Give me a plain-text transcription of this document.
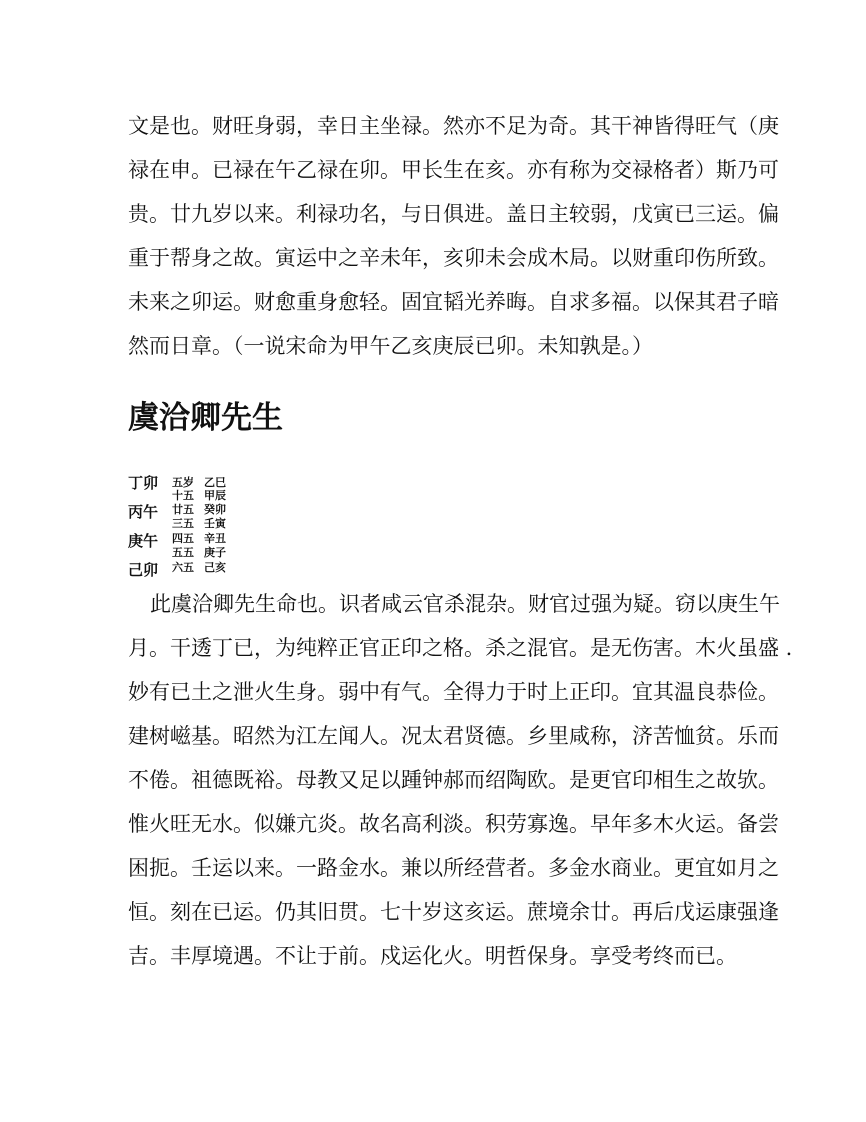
文是也。财旺身弱，幸日主坐禄。然亦不足为奇。其干神皆得旺气（庚
禄在申。已禄在午乙禄在卯。甲长生在亥。亦有称为交禄格者）斯乃可
贵。廿九岁以来。利禄功名，与日俱进。盖日主较弱，戊寅已三运。偏
重于帮身之故。寅运中之辛未年，亥卯未会成木局。以财重印伤所致。
未来之卯运。财愈重身愈轻。固宜韬光养晦。自求多福。以保其君子暗
然而日章。（一说宋命为甲午乙亥庚辰已卯。未知孰是。）
虞洽卿先生
丁卯
丙午
庚午
己卯
五岁 乙巳
十五 甲辰
廿五 癸卯
三五 壬寅
四五 辛丑
五五 庚子
六五 己亥
此虞洽卿先生命也。识者咸云官杀混杂。财官过强为疑。窃以庚生午
月。干透丁已，为纯粹正官正印之格。杀之混官。是无伤害。木火虽盛 .
妙有已土之泄火生身。弱中有气。全得力于时上正印。宜其温良恭俭。
建树嵫基。昭然为江左闻人。况太君贤德。乡里咸称，济苦恤贫。乐而
不倦。祖德既裕。母教又足以踵钟郝而绍陶欧。是更官印相生之故欤。
惟火旺无水。似嫌亢炎。故名高利淡。积劳寡逸。早年多木火运。备尝
困扼。壬运以来。一路金水。兼以所经营者。多金水商业。更宜如月之
恒。刻在已运。仍其旧贯。七十岁这亥运。蔗境余廿。再后戊运康强逢
吉。丰厚境遇。不让于前。戍运化火。明哲保身。享受考终而已。
